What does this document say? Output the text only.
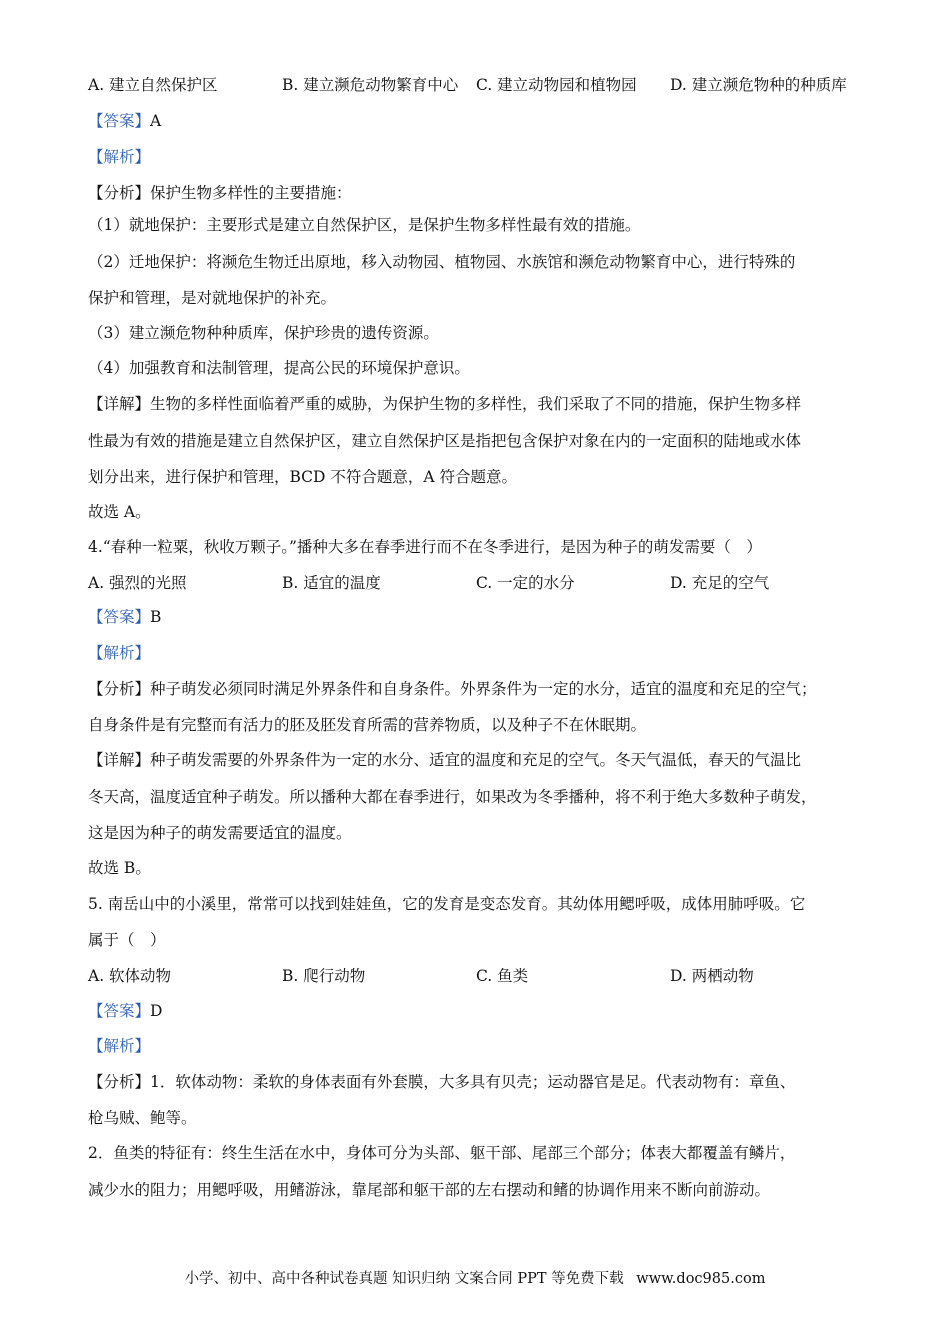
A. 建立自然保护区	B. 建立濒危动物繁育中心	C. 建立动物园和植物园	D. 建立濒危物种的种质库
【答案】A
【解析】
【分析】保护生物多样性的主要措施：
（1）就地保护：主要形式是建立自然保护区，是保护生物多样性最有效的措施。
（2）迁地保护：将濒危生物迁出原地，移入动物园、植物园、水族馆和濒危动物繁育中心，进行特殊的
保护和管理，是对就地保护的补充。
（3）建立濒危物种种质库，保护珍贵的遗传资源。
（4）加强教育和法制管理，提高公民的环境保护意识。
【详解】生物的多样性面临着严重的威胁，为保护生物的多样性，我们采取了不同的措施，保护生物多样
性最为有效的措施是建立自然保护区，建立自然保护区是指把包含保护对象在内的一定面积的陆地或水体
划分出来，进行保护和管理，BCD 不符合题意，A 符合题意。
故选 A。
4.“春种一粒粟，秋收万颗子。”播种大多在春季进行而不在冬季进行，是因为种子的萌发需要（　）
A. 强烈的光照	B. 适宜的温度	C. 一定的水分	D. 充足的空气
【答案】B
【解析】
【分析】种子萌发必须同时满足外界条件和自身条件。外界条件为一定的水分，适宜的温度和充足的空气；
自身条件是有完整而有活力的胚及胚发育所需的营养物质，以及种子不在休眠期。
【详解】种子萌发需要的外界条件为一定的水分、适宜的温度和充足的空气。冬天气温低，春天的气温比
冬天高，温度适宜种子萌发。所以播种大都在春季进行，如果改为冬季播种，将不利于绝大多数种子萌发，
这是因为种子的萌发需要适宜的温度。
故选 B。
5. 南岳山中的小溪里，常常可以找到娃娃鱼，它的发育是变态发育。其幼体用鳃呼吸，成体用肺呼吸。它
属于（　）
A. 软体动物	B. 爬行动物	C. 鱼类	D. 两栖动物
【答案】D
【解析】
【分析】1．软体动物：柔软的身体表面有外套膜，大多具有贝壳；运动器官是足。代表动物有：章鱼、
枪乌贼、鲍等。
2．鱼类的特征有：终生生活在水中，身体可分为头部、躯干部、尾部三个部分；体表大都覆盖有鳞片，
减少水的阻力；用鳃呼吸，用鳍游泳，靠尾部和躯干部的左右摆动和鳍的协调作用来不断向前游动。
小学、初中、高中各种试卷真题 知识归纳 文案合同 PPT 等免费下载 www.doc985.com
